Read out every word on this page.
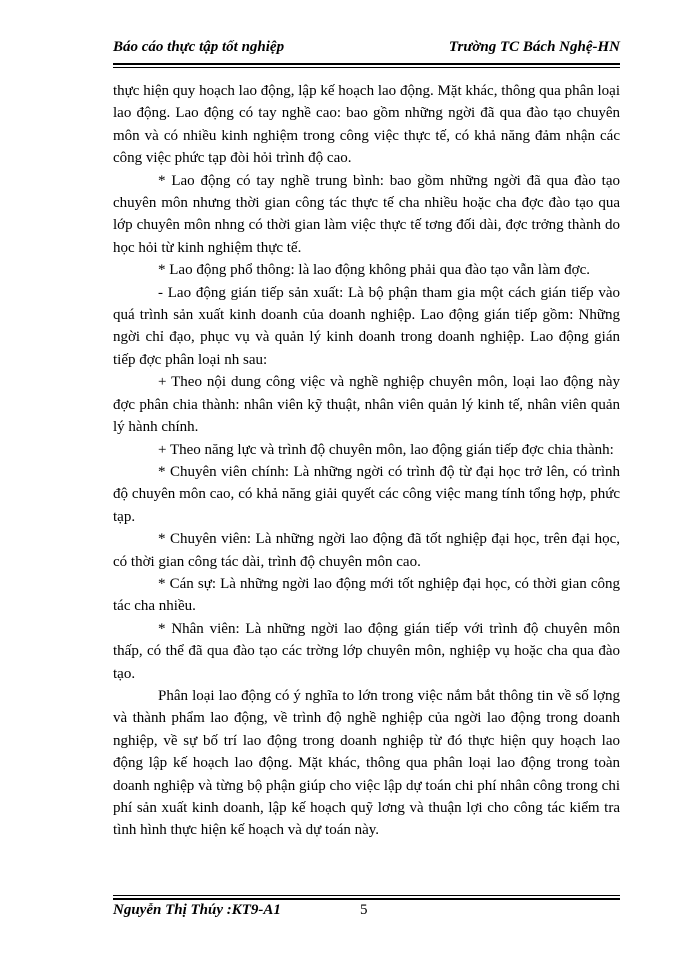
Báo cáo thực tập tốt nghiệp	Trường TC Bách Nghệ-HN

thực hiện quy hoạch lao động, lập kế hoạch lao động. Mặt khác, thông qua phân loại lao động. Lao động có tay nghề cao: bao gồm những ngời đã qua đào tạo chuyên môn và có nhiều kinh nghiệm trong công việc thực tế, có khả năng đảm nhận các công việc phức tạp đòi hỏi trình độ cao.

* Lao động có tay nghề trung bình: bao gồm những ngời đã qua đào tạo chuyên môn nhưng thời gian công tác thực tế cha nhiều hoặc cha đợc đào tạo qua lớp chuyên môn nhng có thời gian làm việc thực tế tơng đối dài, đợc trởng thành do học hỏi từ kinh nghiệm thực tế.

* Lao động phổ thông: là lao động không phải qua đào tạo vẫn làm đợc.

- Lao động gián tiếp sản xuất: Là bộ phận tham gia một cách gián tiếp vào quá trình sản xuất kinh doanh của doanh nghiệp. Lao động gián tiếp gồm: Những ngời chỉ đạo, phục vụ và quản lý kinh doanh trong doanh nghiệp. Lao động gián tiếp đợc phân loại nh sau:

+ Theo nội dung công việc và nghề nghiệp chuyên môn, loại lao động này đợc phân chia thành: nhân viên kỹ thuật, nhân viên quản lý kinh tế, nhân viên quản lý hành chính.

+ Theo năng lực và trình độ chuyên môn, lao động gián tiếp đợc chia thành:

* Chuyên viên chính: Là những ngời có trình độ từ đại học trở lên, có trình độ chuyên môn cao, có khả năng giải quyết các công việc mang tính tổng hợp, phức tạp.

* Chuyên viên: Là những ngời lao động đã tốt nghiệp đại học, trên đại học, có thời gian công tác dài, trình độ chuyên môn cao.

* Cán sự: Là những ngời lao động mới tốt nghiệp đại học, có thời gian công tác cha nhiều.

* Nhân viên: Là những ngời lao động gián tiếp với trình độ chuyên môn thấp, có thể đã qua đào tạo các trờng lớp chuyên môn, nghiệp vụ hoặc cha qua đào tạo.

Phân loại lao động có ý nghĩa to lớn trong việc nắm bắt thông tin về số lợng và thành phẩm lao động, về trình độ nghề nghiệp của ngời lao động trong doanh nghiệp, về sự bố trí lao động trong doanh nghiệp từ đó thực hiện quy hoạch lao động lập kế hoạch lao động. Mặt khác, thông qua phân loại lao động trong toàn doanh nghiệp và từng bộ phận giúp cho việc lập dự toán chi phí nhân công trong chi phí sản xuất kinh doanh, lập kế hoạch quỹ lơng và thuận lợi cho công tác kiểm tra tình hình thực hiện kế hoạch và dự toán này.

Nguyễn Thị Thúy :KT9-A1	5
